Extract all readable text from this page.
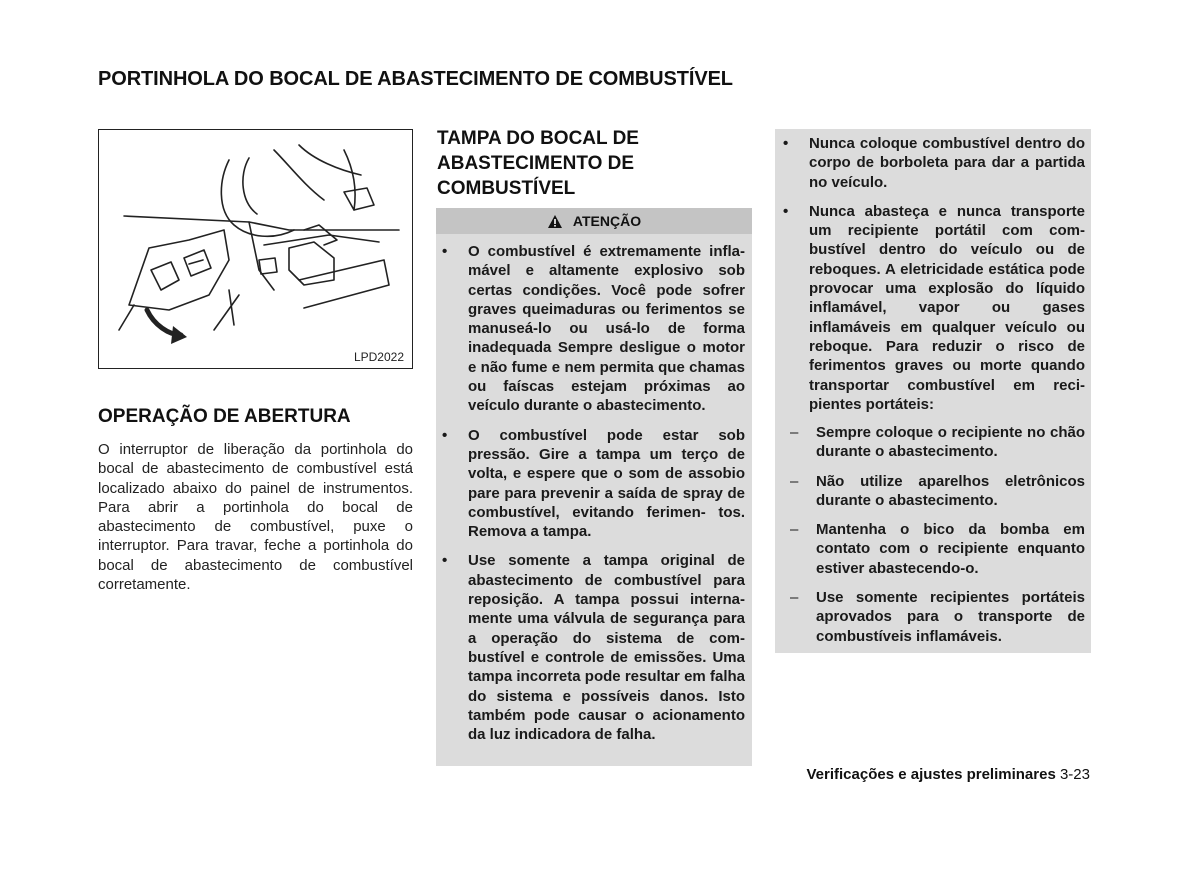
PORTINHOLA DO BOCAL DE ABASTECIMENTO DE COMBUSTÍVEL
LPD2022
OPERAÇÃO DE ABERTURA

O interruptor de liberação da portinhola do bocal de abastecimento de combustível está localizado abaixo do painel de instrumentos. Para abrir a portinhola do bocal de abastecimento de combustível, puxe o interruptor. Para travar, feche a portinhola do bocal de abastecimento de combustível corretamente.

TAMPA DO BOCAL DE ABASTECIMENTO DE COMBUSTÍVEL
ATENÇÃO
• O combustível é extremamente infla- mável e altamente explosivo sob certas condições. Você pode sofrer graves queimaduras ou ferimentos se manuseá-lo ou usá-lo de forma inadequada Sempre desligue o motor e não fume e nem permita que chamas ou faíscas estejam próximas ao veículo durante o abastecimento.
• O combustível pode estar sob pressão. Gire a tampa um terço de volta, e espere que o som de assobio pare para prevenir a saída de spray de combustível, evitando ferimen- tos. Remova a tampa.
• Use somente a tampa original de abastecimento de combustível para reposição. A tampa possui interna- mente uma válvula de segurança para a operação do sistema de com- bustível e controle de emissões. Uma tampa incorreta pode resultar em falha do sistema e possíveis danos. Isto também pode causar o acionamento da luz indicadora de falha.
• Nunca coloque combustível dentro do corpo de borboleta para dar a partida no veículo.
• Nunca abasteça e nunca transporte um recipiente portátil com com- bustível dentro do veículo ou de reboques. A eletricidade estática pode provocar uma explosão do líquido inflamável, vapor ou gases inflamáveis em qualquer veículo ou reboque. Para reduzir o risco de ferimentos graves ou morte quando transportar combustível em reci- pientes portáteis:
– Sempre coloque o recipiente no chão durante o abastecimento.
– Não utilize aparelhos eletrônicos durante o abastecimento.
– Mantenha o bico da bomba em contato com o recipiente enquanto estiver abastecendo-o.
– Use somente recipientes portáteis aprovados para o transporte de combustíveis inflamáveis.
Verificações e ajustes preliminares 3-23
